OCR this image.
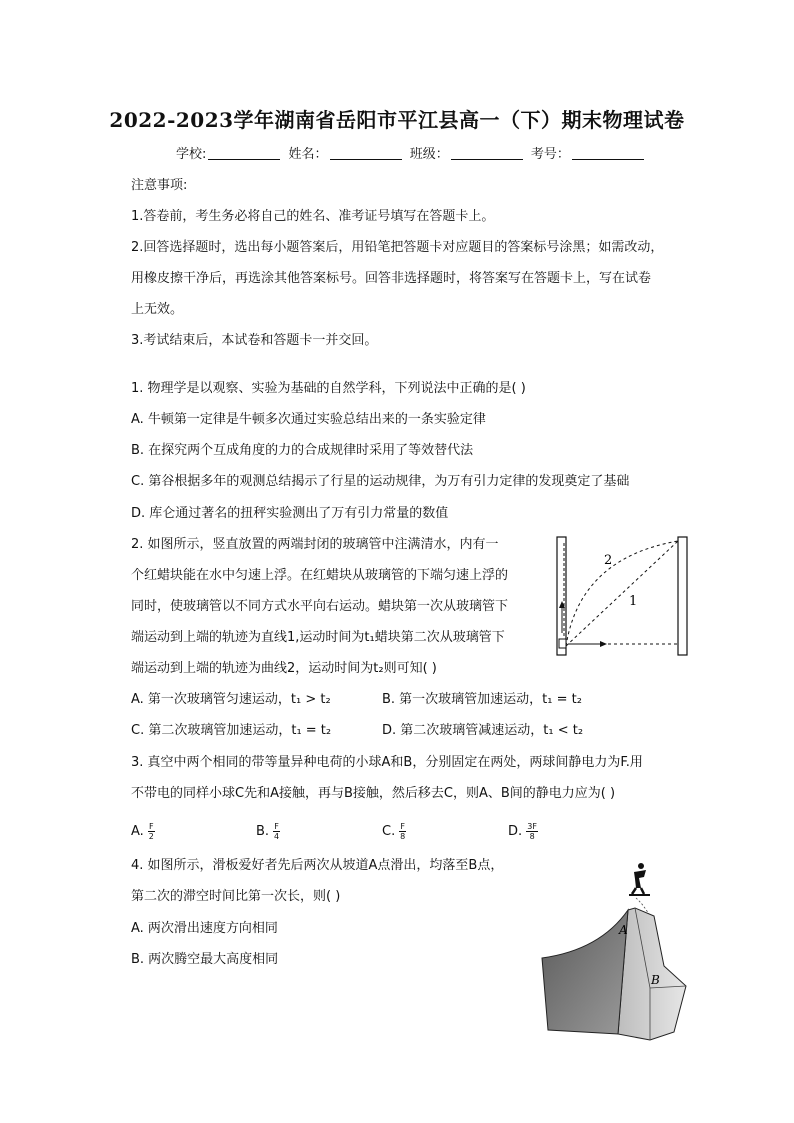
2022-2023学年湖南省岳阳市平江县高一（下）期末物理试卷
学校:	姓名：	班级：	考号：
注意事项:
1.答卷前，考生务必将自己的姓名、准考证号填写在答题卡上。
2.回答选择题时，选出每小题答案后，用铅笔把答题卡对应题目的答案标号涂黑；如需改动，
用橡皮擦干净后，再选涂其他答案标号。回答非选择题时，将答案写在答题卡上，写在试卷
上无效。
3.考试结束后，本试卷和答题卡一并交回。
1. 物理学是以观察、实验为基础的自然学科，下列说法中正确的是( )
A. 牛顿第一定律是牛顿多次通过实验总结出来的一条实验定律
B. 在探究两个互成角度的力的合成规律时采用了等效替代法
C. 第谷根据多年的观测总结揭示了行星的运动规律，为万有引力定律的发现奠定了基础
D. 库仑通过著名的扭秤实验测出了万有引力常量的数值
2. 如图所示，竖直放置的两端封闭的玻璃管中注满清水，内有一
个红蜡块能在水中匀速上浮。在红蜡块从玻璃管的下端匀速上浮的
同时，使玻璃管以不同方式水平向右运动。蜡块第一次从玻璃管下
端运动到上端的轨迹为直线1,运动时间为t₁蜡块第二次从玻璃管下
端运动到上端的轨迹为曲线2，运动时间为t₂则可知( )
A. 第一次玻璃管匀速运动，t₁ > t₂	B. 第一次玻璃管加速运动，t₁ = t₂
C. 第二次玻璃管加速运动，t₁ = t₂	D. 第二次玻璃管减速运动，t₁ < t₂
2
1
3. 真空中两个相同的带等量异种电荷的小球A和B，分别固定在两处，两球间静电力为F.用
不带电的同样小球C先和A接触，再与B接触，然后移去C，则A、B间的静电力应为( )
A. $\frac{F}{2}$	B. $\frac{F}{4}$	C. $\frac{F}{8}$	D. $\frac{3F}{8}$
4. 如图所示，滑板爱好者先后两次从坡道A点滑出，均落至B点，
第二次的滞空时间比第一次长，则( )
A. 两次滑出速度方向相同
B. 两次腾空最大高度相同
A
B
